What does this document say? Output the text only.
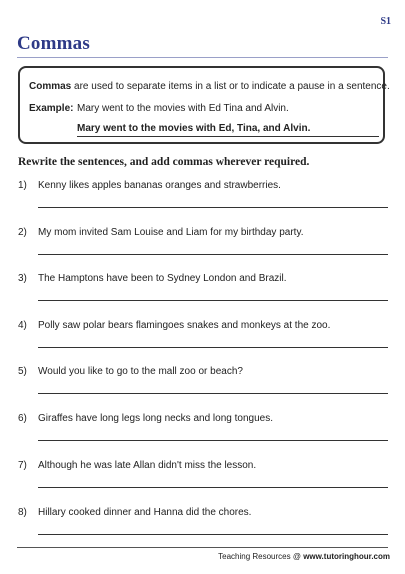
S1
Commas
Commas are used to separate items in a list or to indicate a pause in a sentence.
Example: Mary went to the movies with Ed Tina and Alvin.
Mary went to the movies with Ed, Tina, and Alvin.
Rewrite the sentences, and add commas wherever required.
1) Kenny likes apples bananas oranges and strawberries.
2) My mom invited Sam Louise and Liam for my birthday party.
3) The Hamptons have been to Sydney London and Brazil.
4) Polly saw polar bears flamingoes snakes and monkeys at the zoo.
5) Would you like to go to the mall zoo or beach?
6) Giraffes have long legs long necks and long tongues.
7) Although he was late Allan didn't miss the lesson.
8) Hillary cooked dinner and Hanna did the chores.
Teaching Resources @ www.tutoringhour.com
